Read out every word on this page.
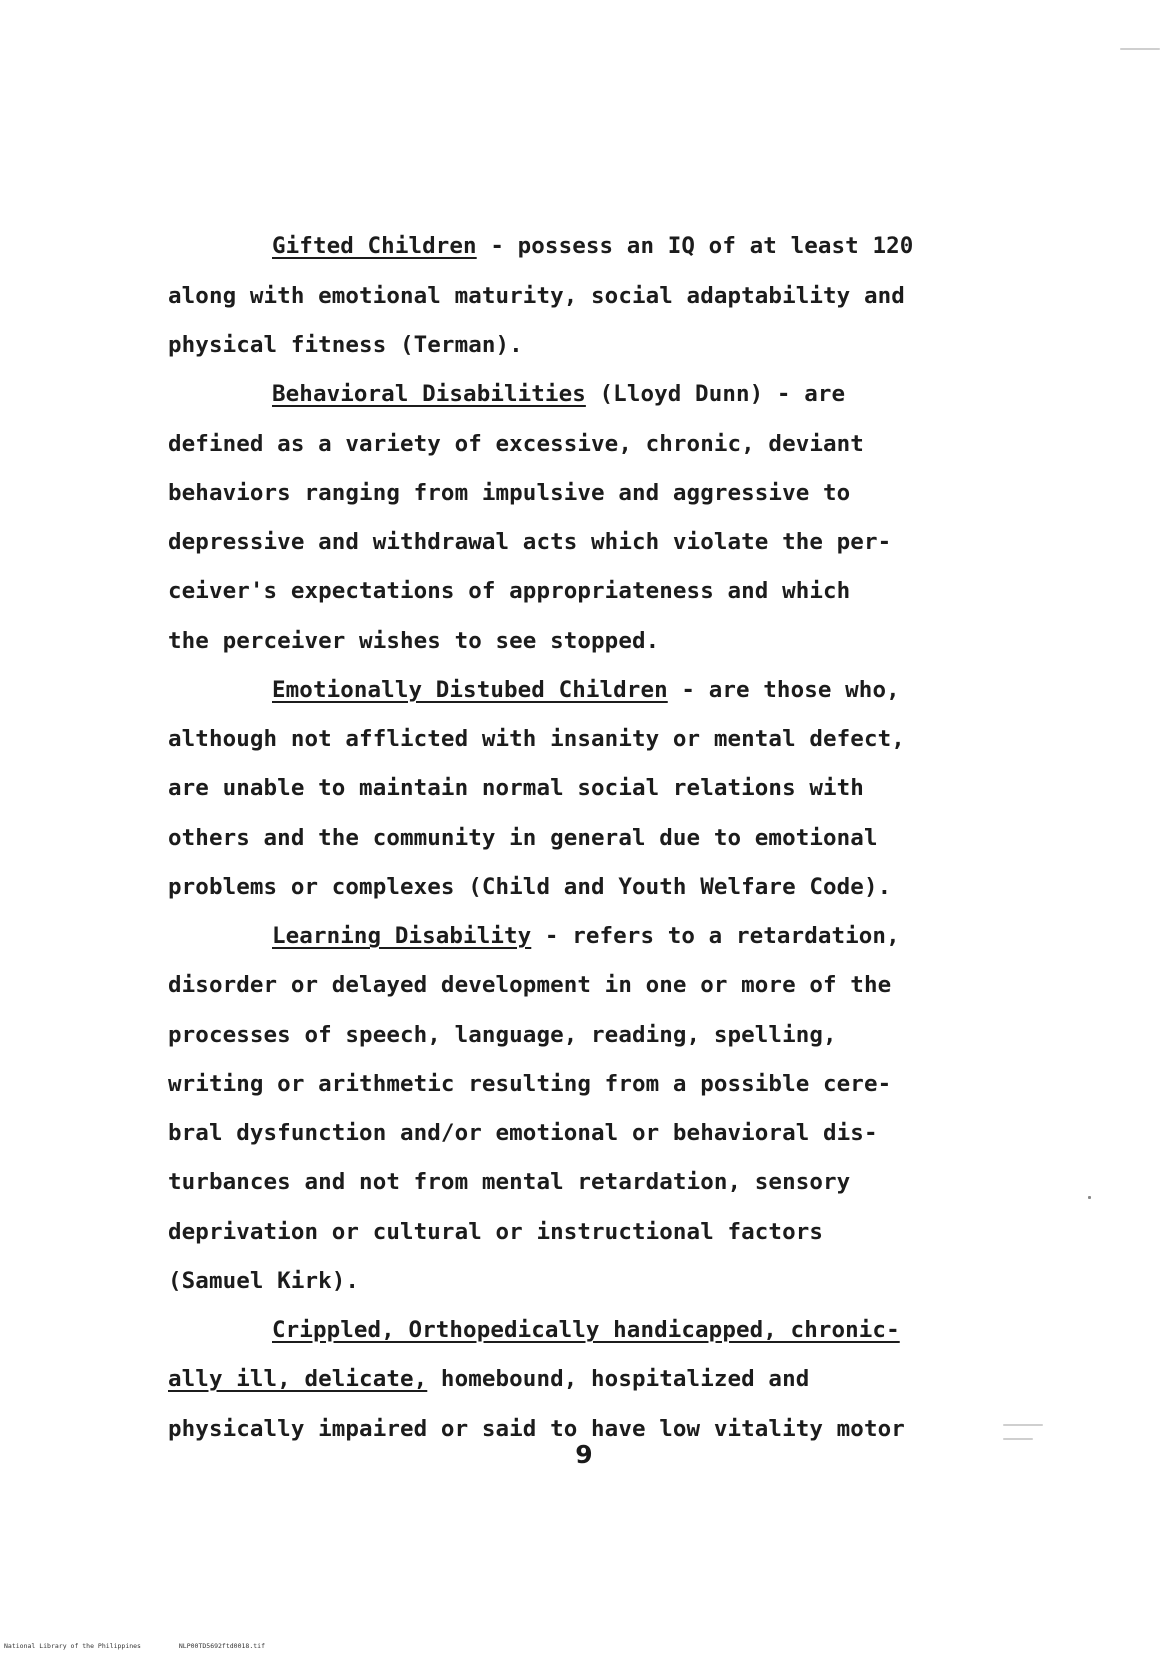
Gifted Children - possess an IQ of at least 120
along with emotional maturity, social adaptability and
physical fitness (Terman).
Behavioral Disabilities (Lloyd Dunn) - are
defined as a variety of excessive, chronic, deviant
behaviors ranging from impulsive and aggressive to
depressive and withdrawal acts which violate the per-
ceiver's expectations of appropriateness and which
the perceiver wishes to see stopped.
Emotionally Distubed Children - are those who,
although not afflicted with insanity or mental defect,
are unable to maintain normal social relations with
others and the community in general due to emotional
problems or complexes (Child and Youth Welfare Code).
Learning Disability - refers to a retardation,
disorder or delayed development in one or more of the
processes of speech, language, reading, spelling,
writing or arithmetic resulting from a possible cere-
bral dysfunction and/or emotional or behavioral dis-
turbances and not from mental retardation, sensory
deprivation or cultural or instructional factors
(Samuel Kirk).
Crippled, Orthopedically handicapped, chronic-
ally ill, delicate, homebound, hospitalized and
physically impaired or said to have low vitality motor
9
National Library of the Philippines	NLP00TD5692ftd0018.tif
